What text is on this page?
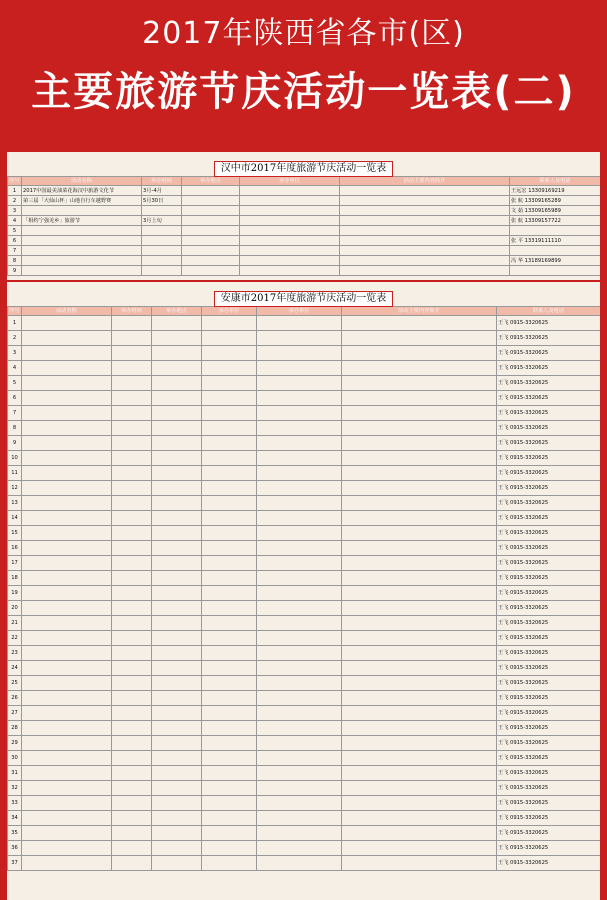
2017年陕西省各市(区)
主要旅游节庆活动一览表(二)
汉中市2017年度旅游节庆活动一览表
序号	活动名称	举办时间	举办地点	承办单位	活动主要内容简介	联系人及电话	
1	2017中国最美油菜花海汉中旅游文化节	3月-4月				王远宏 13309169219	
2	第三届「大仙山杯」山地自行车越野赛	5月30日				张 航 13309165289	
3						文 茹 13309165989	
4	「相约宁强羌乡」旅游节	3月上旬				张 航 13309157722	
5							
6						张 平 13319111110	
7							
8						冯 华 13189169899	
9							
安康市2017年度旅游节庆活动一览表
序号	活动名称	举办时间	举办地点	承办单位	承办单位	活动主要内容简介	联系人及电话
1							王飞 0915-3320625
2							王飞 0915-3320625
3							王飞 0915-3320625
4							王飞 0915-3320625
5							王飞 0915-3320625
6							王飞 0915-3320625
7							王飞 0915-3320625
8							王飞 0915-3320625
9							王飞 0915-3320625
10							王飞 0915-3320625
11							王飞 0915-3320625
12							王飞 0915-3320625
13							王飞 0915-3320625
14							王飞 0915-3320625
15							王飞 0915-3320625
16							王飞 0915-3320625
17							王飞 0915-3320625
18							王飞 0915-3320625
19							王飞 0915-3320625
20							王飞 0915-3320625
21							王飞 0915-3320625
22							王飞 0915-3320625
23							王飞 0915-3320625
24							王飞 0915-3320625
25							王飞 0915-3320625
26							王飞 0915-3320625
27							王飞 0915-3320625
28							王飞 0915-3320625
29							王飞 0915-3320625
30							王飞 0915-3320625
31							王飞 0915-3320625
32							王飞 0915-3320625
33							王飞 0915-3320625
34							王飞 0915-3320625
35							王飞 0915-3320625
36							王飞 0915-3320625
37							王飞 0915-3320625
